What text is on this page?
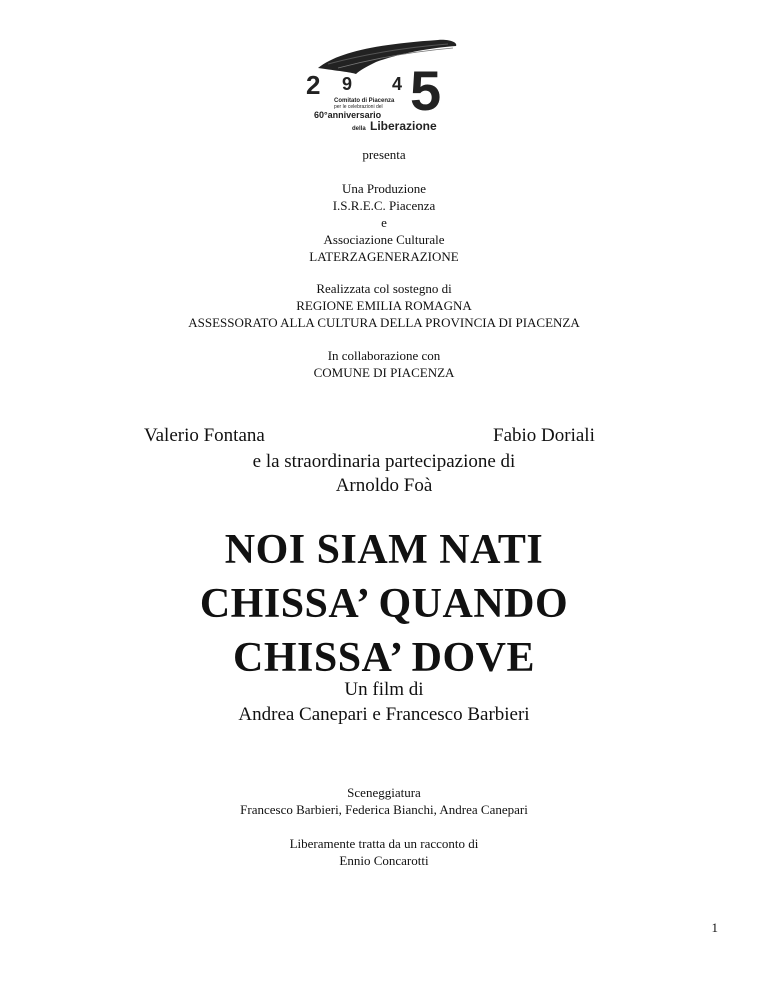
2 9 4 5
Comitato di Piacenza
per le celebrazioni del
60°anniversario
della Liberazione
presenta
Una Produzione
I.S.R.E.C. Piacenza
e
Associazione Culturale
LATERZAGENERAZIONE
Realizzata col sostegno di
REGIONE EMILIA ROMAGNA
ASSESSORATO ALLA CULTURA DELLA PROVINCIA DI PIACENZA
In collaborazione con
COMUNE DI PIACENZA
Valerio Fontana	Fabio Doriali
e la straordinaria partecipazione di
Arnoldo Foà
NOI SIAM NATI
CHISSA’ QUANDO
CHISSA’ DOVE
Un film di
Andrea Canepari e Francesco Barbieri
Sceneggiatura
Francesco Barbieri, Federica Bianchi, Andrea Canepari
Liberamente tratta da un racconto di
Ennio Concarotti
1
